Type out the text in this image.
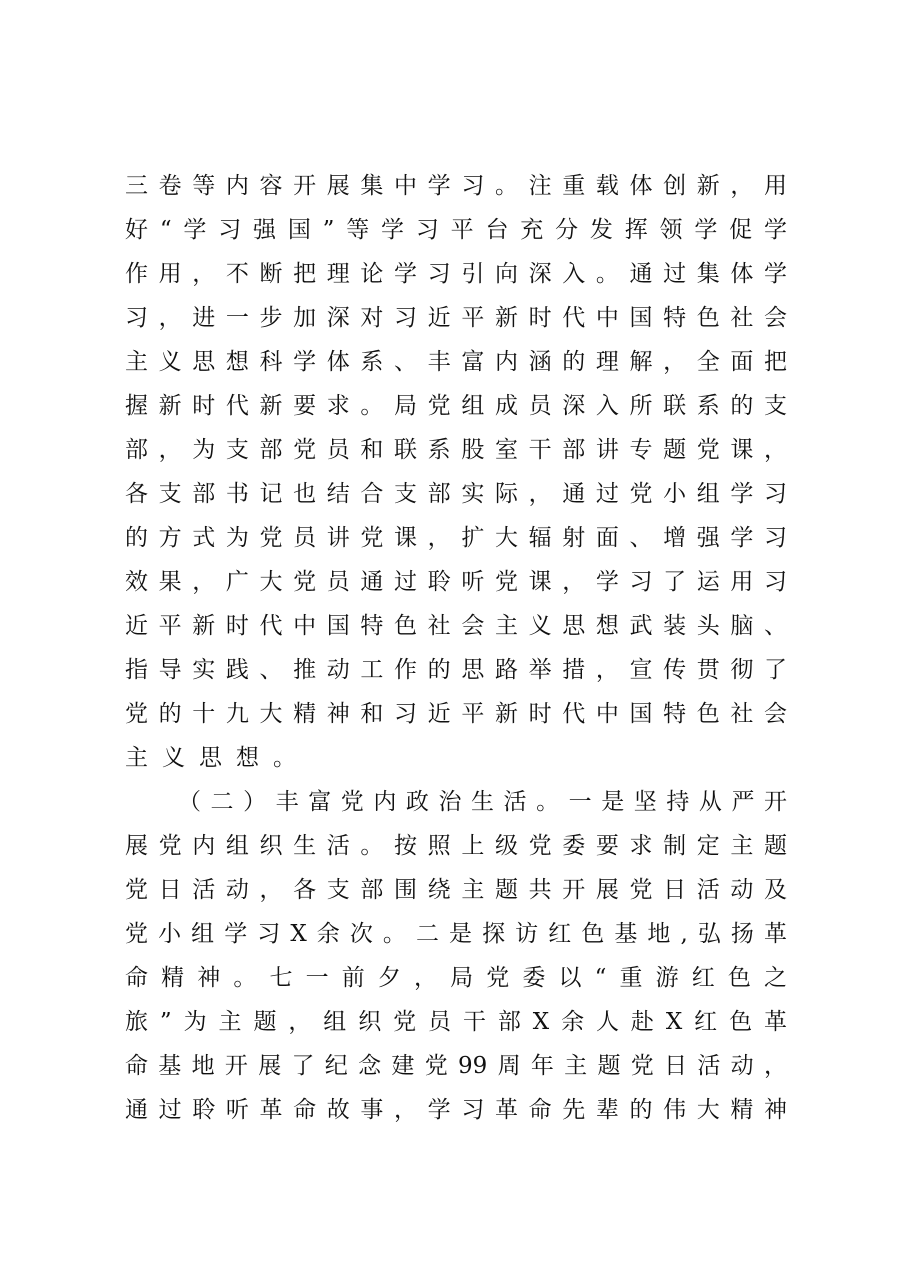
三卷等内容开展集中学习。注重载体创新，用
好“学习强国”等学习平台充分发挥领学促学
作用，不断把理论学习引向深入。通过集体学
习，进一步加深对习近平新时代中国特色社会
主义思想科学体系、丰富内涵的理解，全面把
握新时代新要求。局党组成员深入所联系的支
部，为支部党员和联系股室干部讲专题党课，
各支部书记也结合支部实际，通过党小组学习
的方式为党员讲党课，扩大辐射面、增强学习
效果，广大党员通过聆听党课，学习了运用习
近平新时代中国特色社会主义思想武装头脑、
指导实践、推动工作的思路举措，宣传贯彻了
党的十九大精神和习近平新时代中国特色社会
主义思想。
（二）丰富党内政治生活。一是坚持从严开
展党内组织生活。按照上级党委要求制定主题
党日活动，各支部围绕主题共开展党日活动及
党小组学习X余次。二是探访红色基地,弘扬革
命精神。七一前夕，局党委以“重游红色之
旅”为主题，组织党员干部X余人赴X红色革
命基地开展了纪念建党99周年主题党日活动，
通过聆听革命故事，学习革命先辈的伟大精神
